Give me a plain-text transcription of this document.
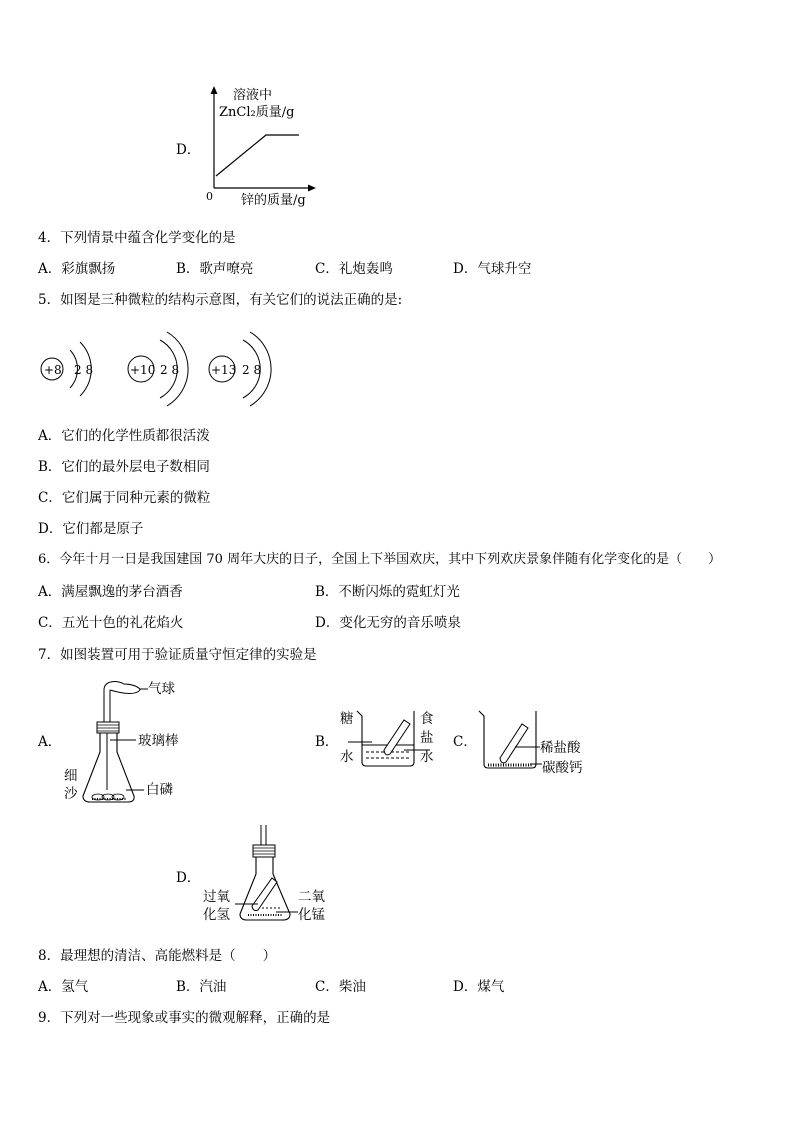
D．
溶液中
ZnCl₂质量/g
0 锌的质量/g
4．下列情景中蕴含化学变化的是
A．彩旗飘扬	B．歌声嘹亮	C．礼炮轰鸣	D．气球升空
5．如图是三种微粒的结构示意图，有关它们的说法正确的是:
+8 2 8	+10 2 8	+13 2 8
A．它们的化学性质都很活泼
B．它们的最外层电子数相同
C．它们属于同种元素的微粒
D．它们都是原子
6．今年十月一日是我国建国 70 周年大庆的日子，全国上下举国欢庆，其中下列欢庆景象伴随有化学变化的是（　　）
A．满屋飘逸的茅台酒香	B．不断闪烁的霓虹灯光
C．五光十色的礼花焰火	D．变化无穷的音乐喷泉
7．如图装置可用于验证质量守恒定律的实验是
A．
气球
玻璃棒
细
沙	白磷
B．
糖
水
食
盐
水
C．	稀盐酸
碳酸钙
D．
过氧
化氢
二氧
化锰
8．最理想的清洁、高能燃料是（　　）
A．氢气	B．汽油	C．柴油	D．煤气
9．下列对一些现象或事实的微观解释，正确的是
